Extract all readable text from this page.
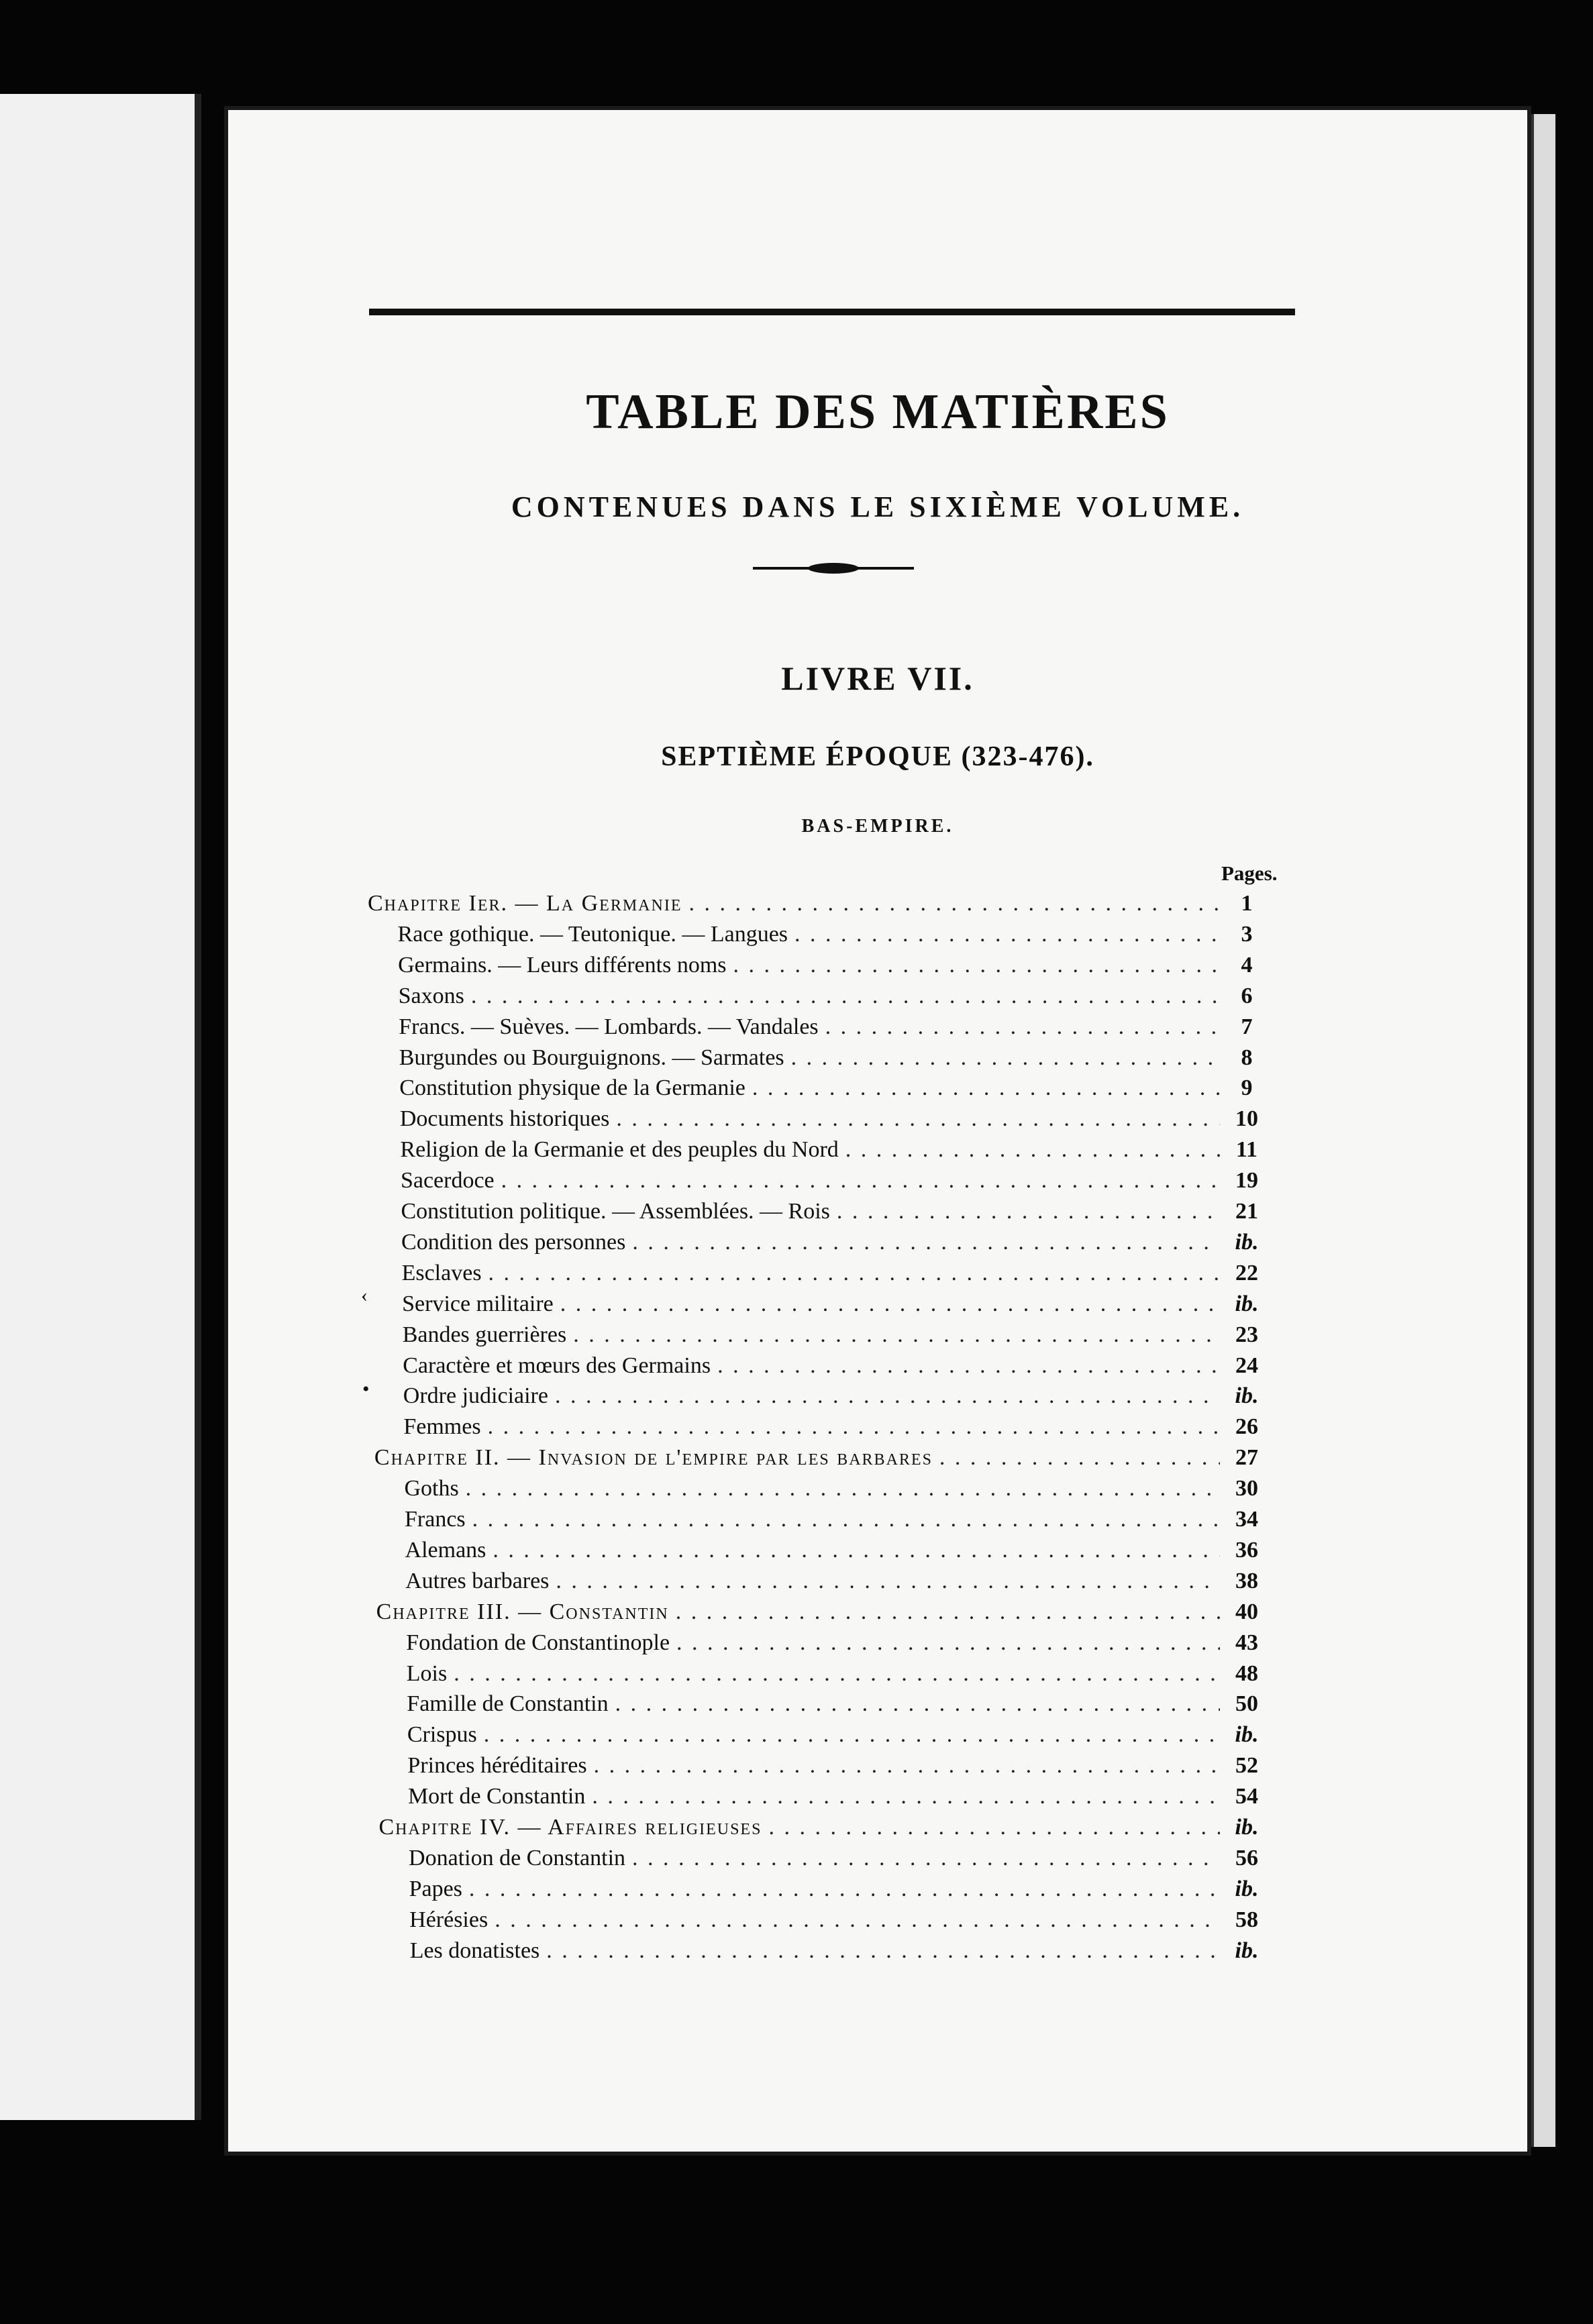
TABLE DES MATIÈRES
CONTENUES DANS LE SIXIÈME VOLUME.
LIVRE VII.
SEPTIÈME ÉPOQUE (323-476).
BAS-EMPIRE.
Pages.
Chapitre Ier. — La Germanie . . .	1
Race gothique. — Teutonique. — Langues . . .	3
Germains. — Leurs différents noms . . .	4
Saxons . . .	6
Francs. — Suèves. — Lombards. — Vandales . . .	7
Burgundes ou Bourguignons. — Sarmates . . .	8
Constitution physique de la Germanie . . .	9
Documents historiques . . .	10
Religion de la Germanie et des peuples du Nord . . .	11
Sacerdoce . . .	19
Constitution politique. — Assemblées. — Rois . . .	21
Condition des personnes . . .	ib.
Esclaves . . .	22
Service militaire . . .	ib.
Bandes guerrières . . .	23
Caractère et mœurs des Germains . . .	24
Ordre judiciaire . . .	ib.
Femmes . . .	26
Chapitre II. — Invasion de l'empire par les barbares . . .	27
Goths . . .	30
Francs . . .	34
Alemans . . .	36
Autres barbares . . .	38
Chapitre III. — Constantin . . .	40
Fondation de Constantinople . . .	43
Lois . . .	48
Famille de Constantin . . .	50
Crispus . . .	ib.
Princes héréditaires . . .	52
Mort de Constantin . . .	54
Chapitre IV. — Affaires religieuses . . .	ib.
Donation de Constantin . . .	56
Papes . . .	ib.
Hérésies . . .	58
Les donatistes . . .	ib.
‹
•
